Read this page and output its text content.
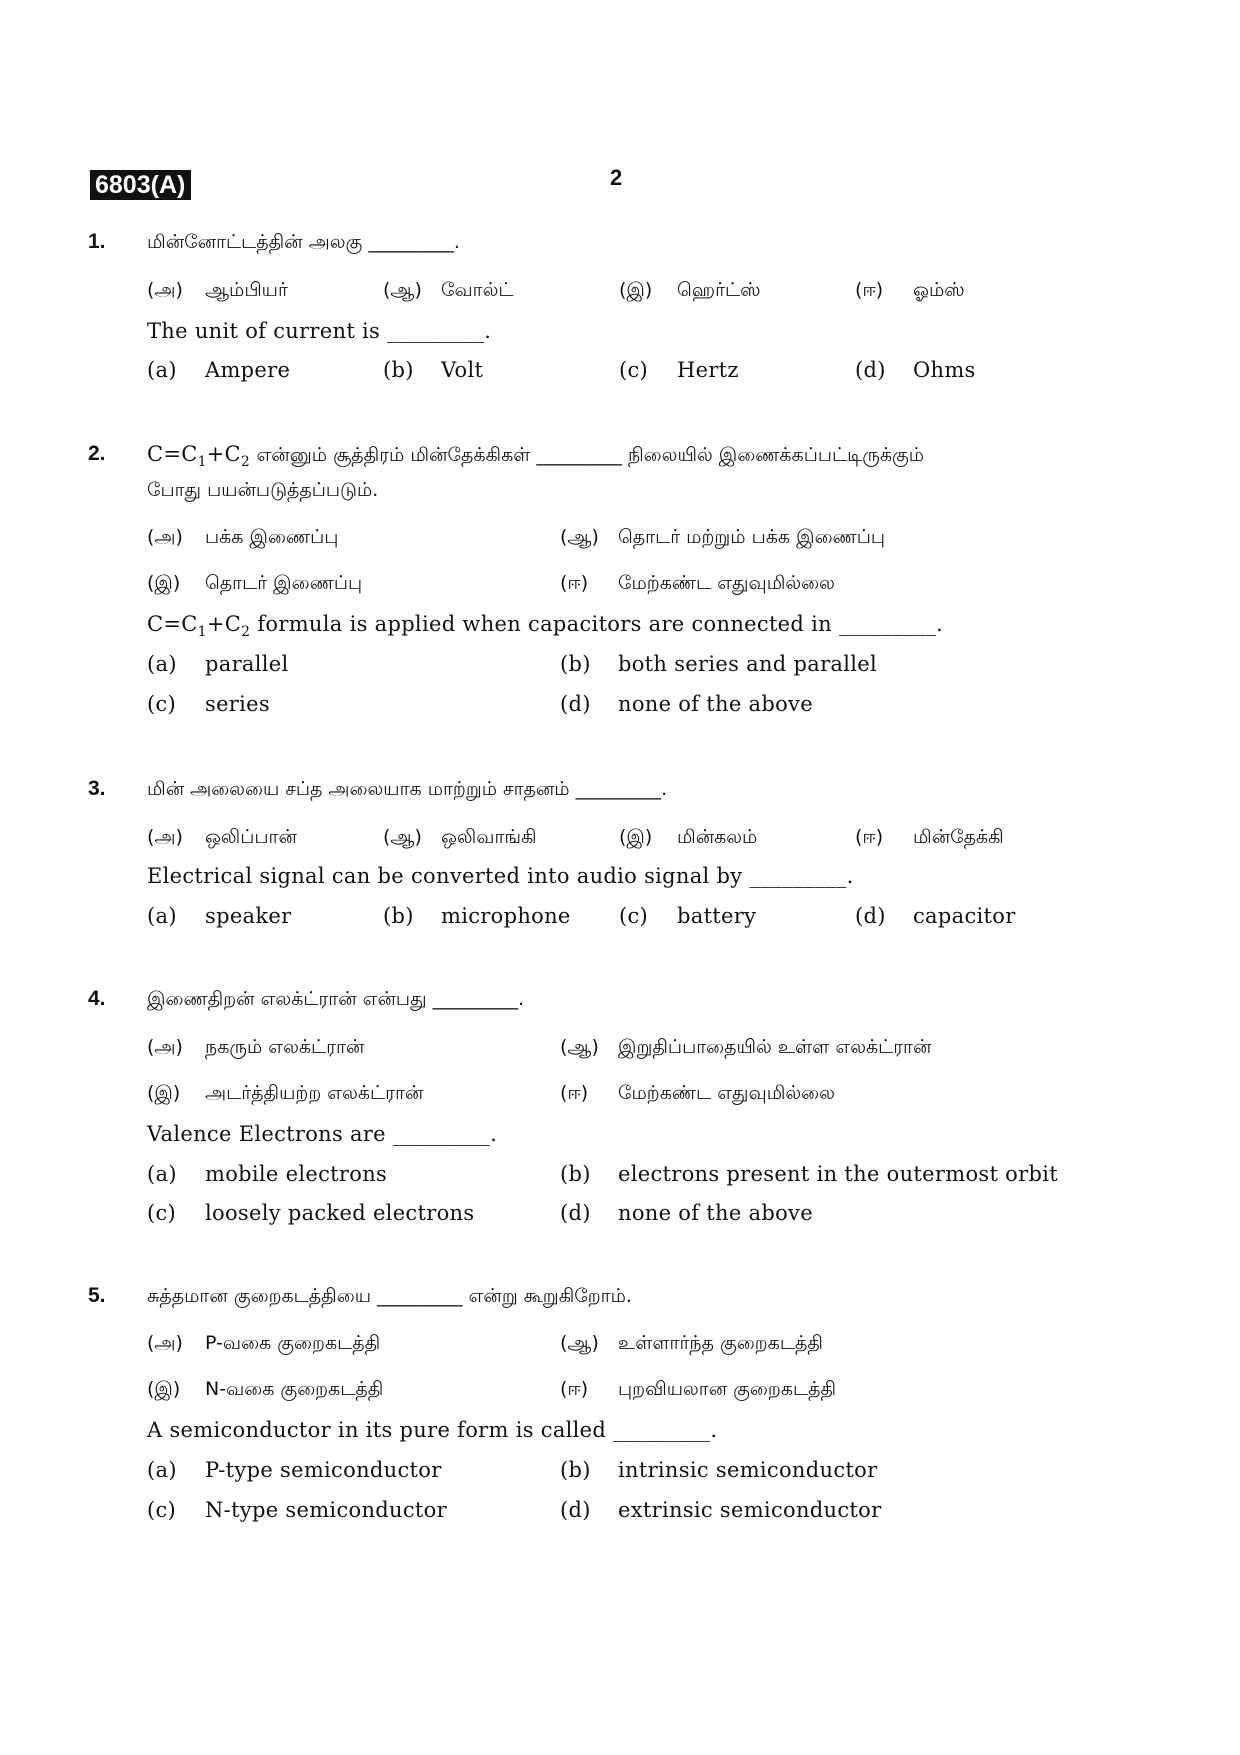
6803(A)	2
1. மின்னோட்டத்தின் அலகு _________.
(அ) ஆம்பியர்	(ஆ) வோல்ட்	(இ) ஹெர்ட்ஸ்	(ஈ) ஓம்ஸ்
The unit of current is _________.
(a) Ampere	(b) Volt	(c) Hertz	(d) Ohms
2. $C=C_1+C_2$ என்னும் சூத்திரம் மின்தேக்கிகள் _________ நிலையில் இணைக்கப்பட்டிருக்கும்
போது பயன்படுத்தப்படும்.
(அ) பக்க இணைப்பு	(ஆ) தொடர் மற்றும் பக்க இணைப்பு
(இ) தொடர் இணைப்பு	(ஈ) மேற்கண்ட எதுவுமில்லை
$C=C_1+C_2$ formula is applied when capacitors are connected in _________.
(a) parallel	(b) both series and parallel
(c) series	(d) none of the above
3. மின் அலையை சப்த அலையாக மாற்றும் சாதனம் _________.
(அ) ஒலிப்பான்	(ஆ) ஒலிவாங்கி	(இ) மின்கலம்	(ஈ) மின்தேக்கி
Electrical signal can be converted into audio signal by _________.
(a) speaker	(b) microphone (c) battery	(d) capacitor
4. இணைதிறன் எலக்ட்ரான் என்பது _________.
(அ) நகரும் எலக்ட்ரான்	(ஆ) இறுதிப்பாதையில் உள்ள எலக்ட்ரான்
(இ) அடர்த்தியற்ற எலக்ட்ரான்	(ஈ) மேற்கண்ட எதுவுமில்லை
Valence Electrons are _________.
(a) mobile electrons	(b) electrons present in the outermost orbit
(c) loosely packed electrons	(d) none of the above
5. சுத்தமான குறைகடத்தியை _________ என்று கூறுகிறோம்.
(அ) P-வகை குறைகடத்தி	(ஆ) உள்ளார்ந்த குறைகடத்தி
(இ) N-வகை குறைகடத்தி	(ஈ) புறவியலான குறைகடத்தி
A semiconductor in its pure form is called _________.
(a) P-type semiconductor	(b) intrinsic semiconductor
(c) N-type semiconductor	(d) extrinsic semiconductor
